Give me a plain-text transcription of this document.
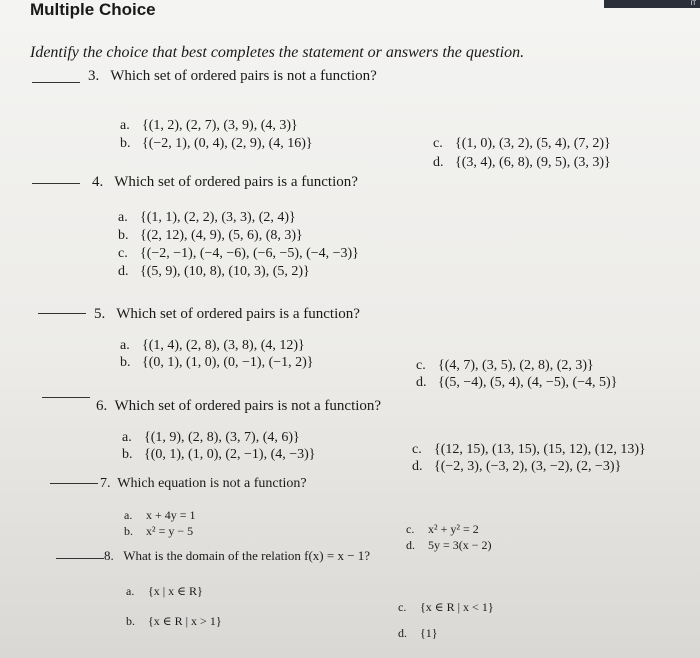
IT
Multiple Choice
Identify the choice that best completes the statement or answers the question.
3. Which set of ordered pairs is not a function?
a. {(1, 2), (2, 7), (3, 9), (4, 3)}
b. {(−2, 1), (0, 4), (2, 9), (4, 16)}	c. {(1, 0), (3, 2), (5, 4), (7, 2)}
d. {(3, 4), (6, 8), (9, 5), (3, 3)}
4. Which set of ordered pairs is a function?
a. {(1, 1), (2, 2), (3, 3), (2, 4)}
b. {(2, 12), (4, 9), (5, 6), (8, 3)}
c. {(−2, −1), (−4, −6), (−6, −5), (−4, −3)}
d. {(5, 9), (10, 8), (10, 3), (5, 2)}
5. Which set of ordered pairs is a function?
a. {(1, 4), (2, 8), (3, 8), (4, 12)}
b. {(0, 1), (1, 0), (0, −1), (−1, 2)}	c. {(4, 7), (3, 5), (2, 8), (2, 3)}
d. {(5, −4), (5, 4), (4, −5), (−4, 5)}
6. Which set of ordered pairs is not a function?
a. {(1, 9), (2, 8), (3, 7), (4, 6)}
b. {(0, 1), (1, 0), (2, −1), (4, −3)}	c. {(12, 15), (13, 15), (15, 12), (12, 13)}
d. {(−2, 3), (−3, 2), (3, −2), (2, −3)}
7. Which equation is not a function?
a. x + 4y = 1
b. x² = y − 5	c. x² + y² = 2
d. 5y = 3(x − 2)
8. What is the domain of the relation f(x) = x − 1?
a. {x | x ∈ R}
b. {x ∈ R | x > 1}
c. {x ∈ R | x < 1}
d. {1}
